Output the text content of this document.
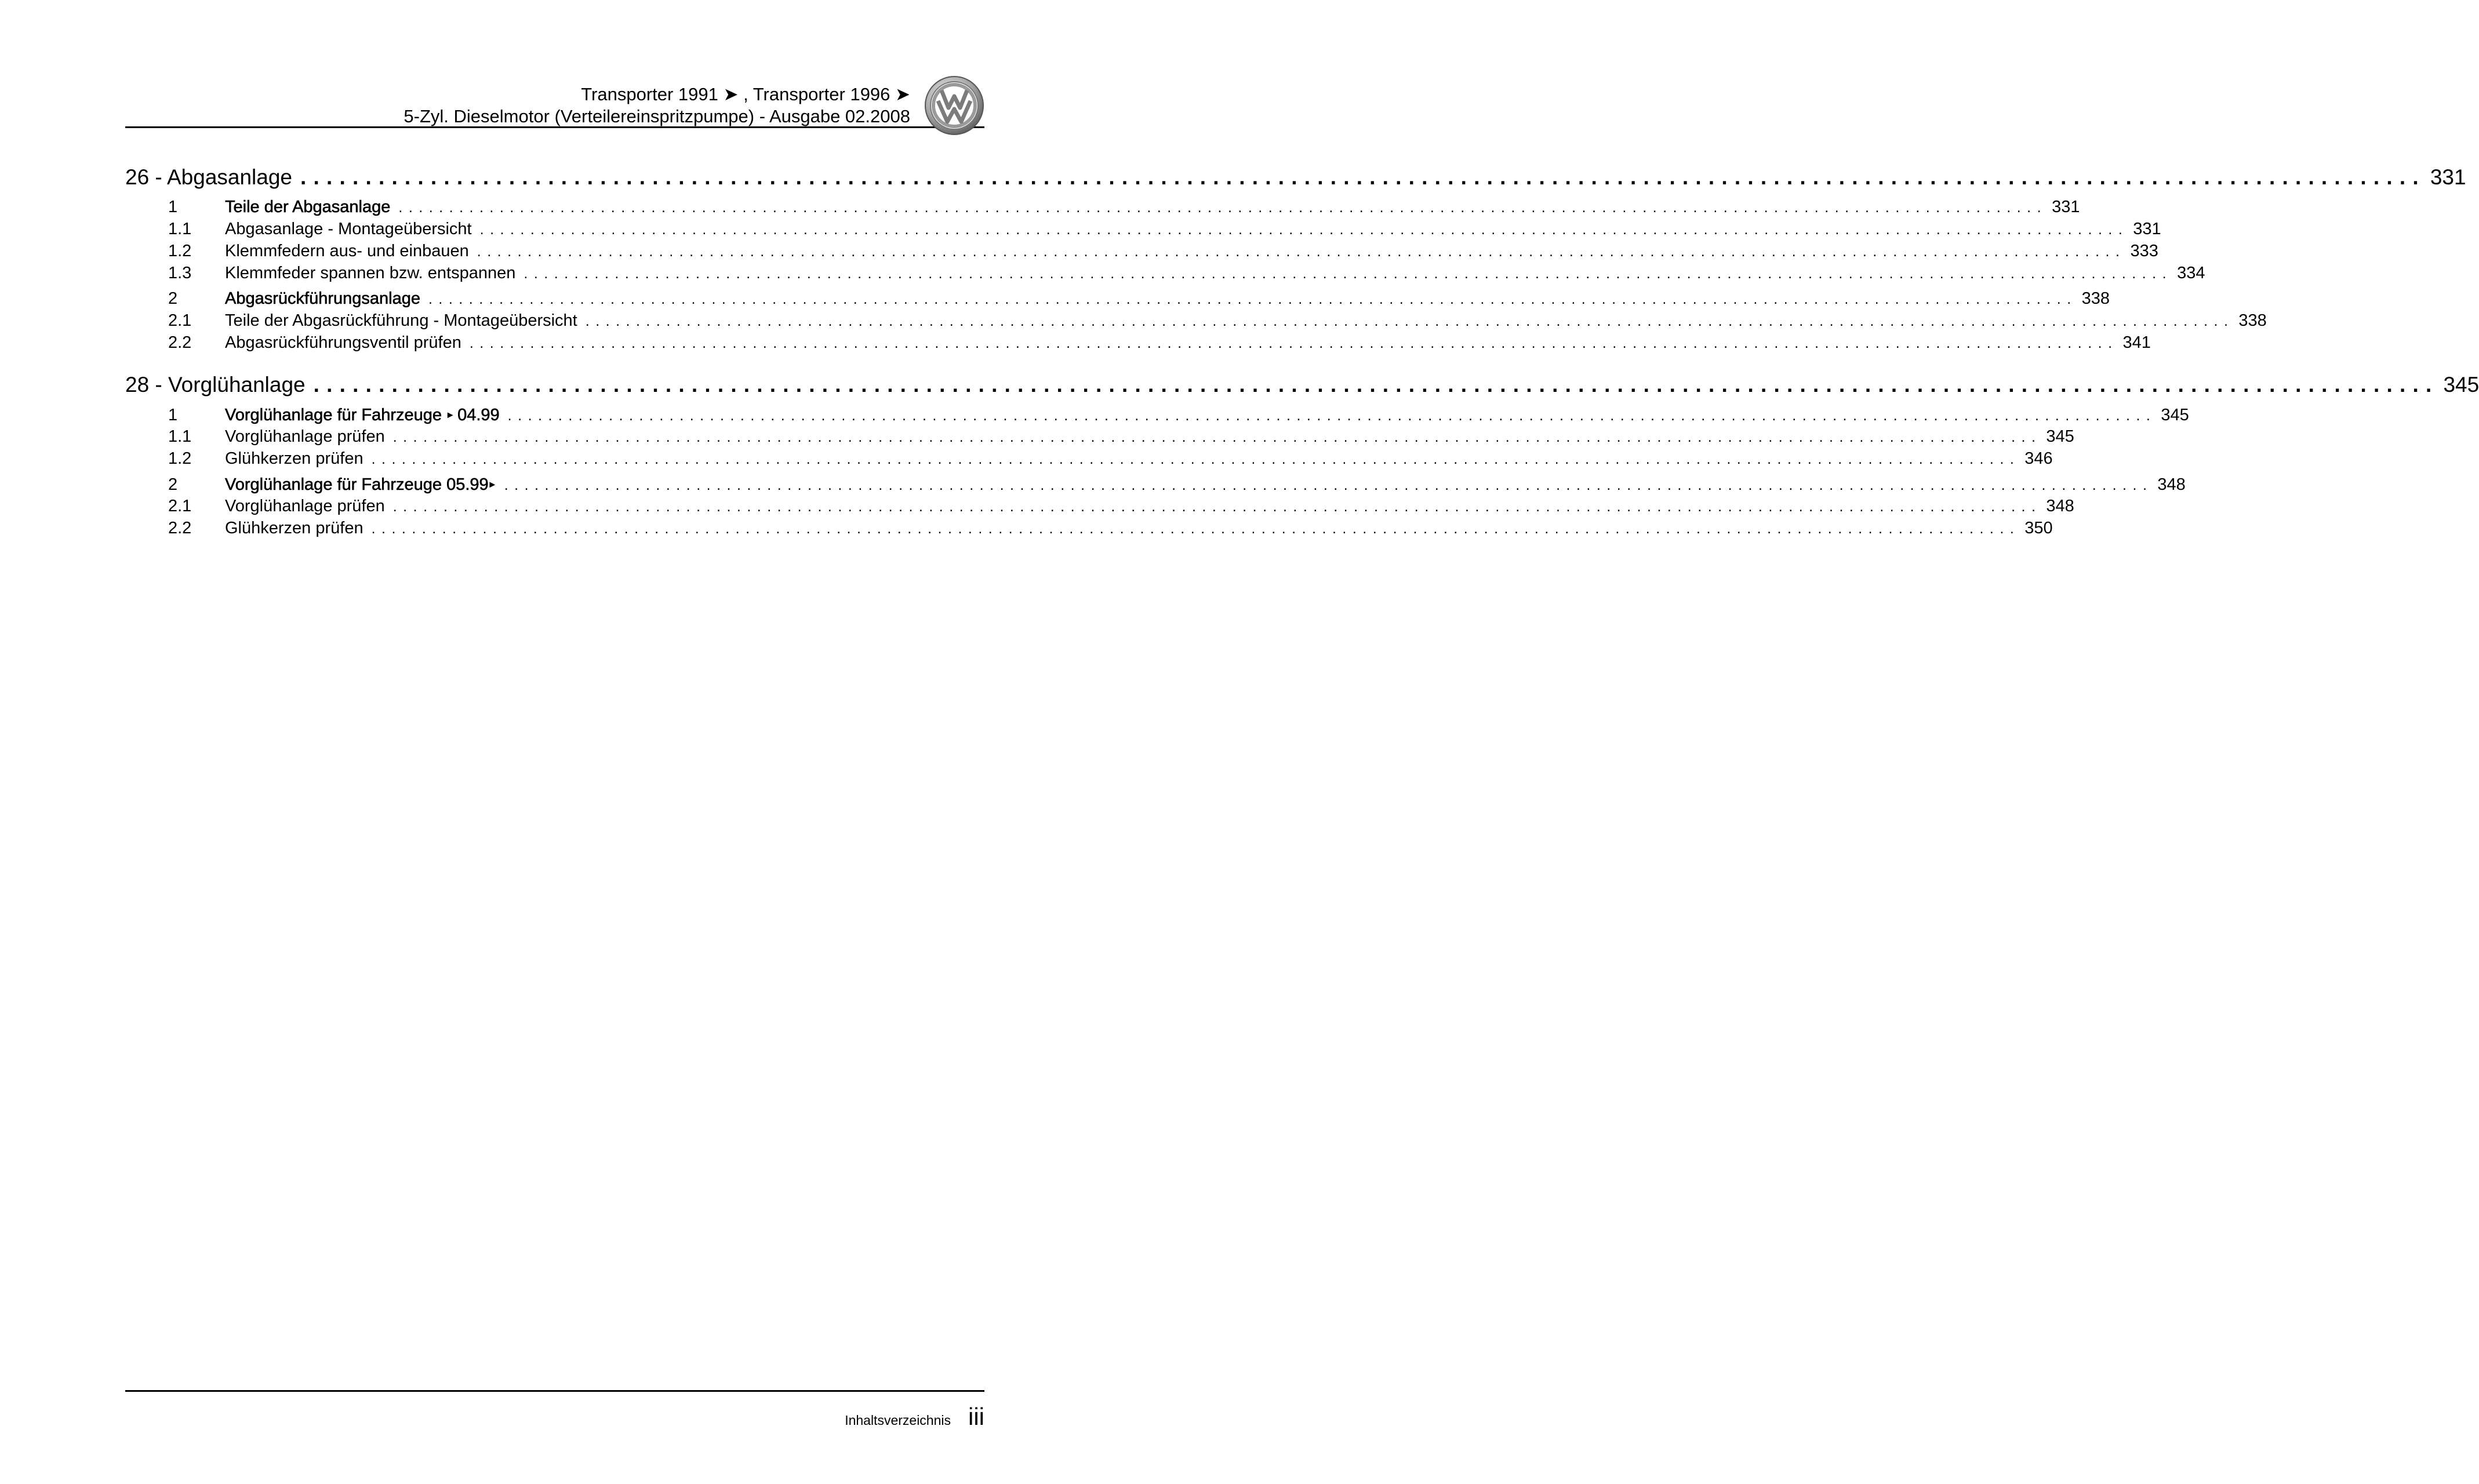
Transporter 1991 ➤ , Transporter 1996 ➤
5-Zyl. Dieselmotor (Verteilereinspritzpumpe) - Ausgabe 02.2008
26 - Abgasanlage ................................................................................................................................................................... 331
1	Teile der Abgasanlage ................................................................................................................................................................... 331
1.1	Abgasanlage - Montageübersicht ................................................................................................................................................................... 331
1.2	Klemmfedern aus- und einbauen ................................................................................................................................................................... 333
1.3	Klemmfeder spannen bzw. entspannen ................................................................................................................................................................... 334
2	Abgasrückführungsanlage ................................................................................................................................................................... 338
2.1	Teile der Abgasrückführung - Montageübersicht ................................................................................................................................................................... 338
2.2	Abgasrückführungsventil prüfen ................................................................................................................................................................... 341
28 - Vorglühanlage ................................................................................................................................................................... 345
1	Vorglühanlage für Fahrzeuge ▸ 04.99 ................................................................................................................................................................... 345
1.1	Vorglühanlage prüfen ................................................................................................................................................................... 345
1.2	Glühkerzen prüfen ................................................................................................................................................................... 346
2	Vorglühanlage für Fahrzeuge 05.99 ▸ ................................................................................................................................................................... 348
2.1	Vorglühanlage prüfen ................................................................................................................................................................... 348
2.2	Glühkerzen prüfen ................................................................................................................................................................... 350
Inhaltsverzeichnis iii
